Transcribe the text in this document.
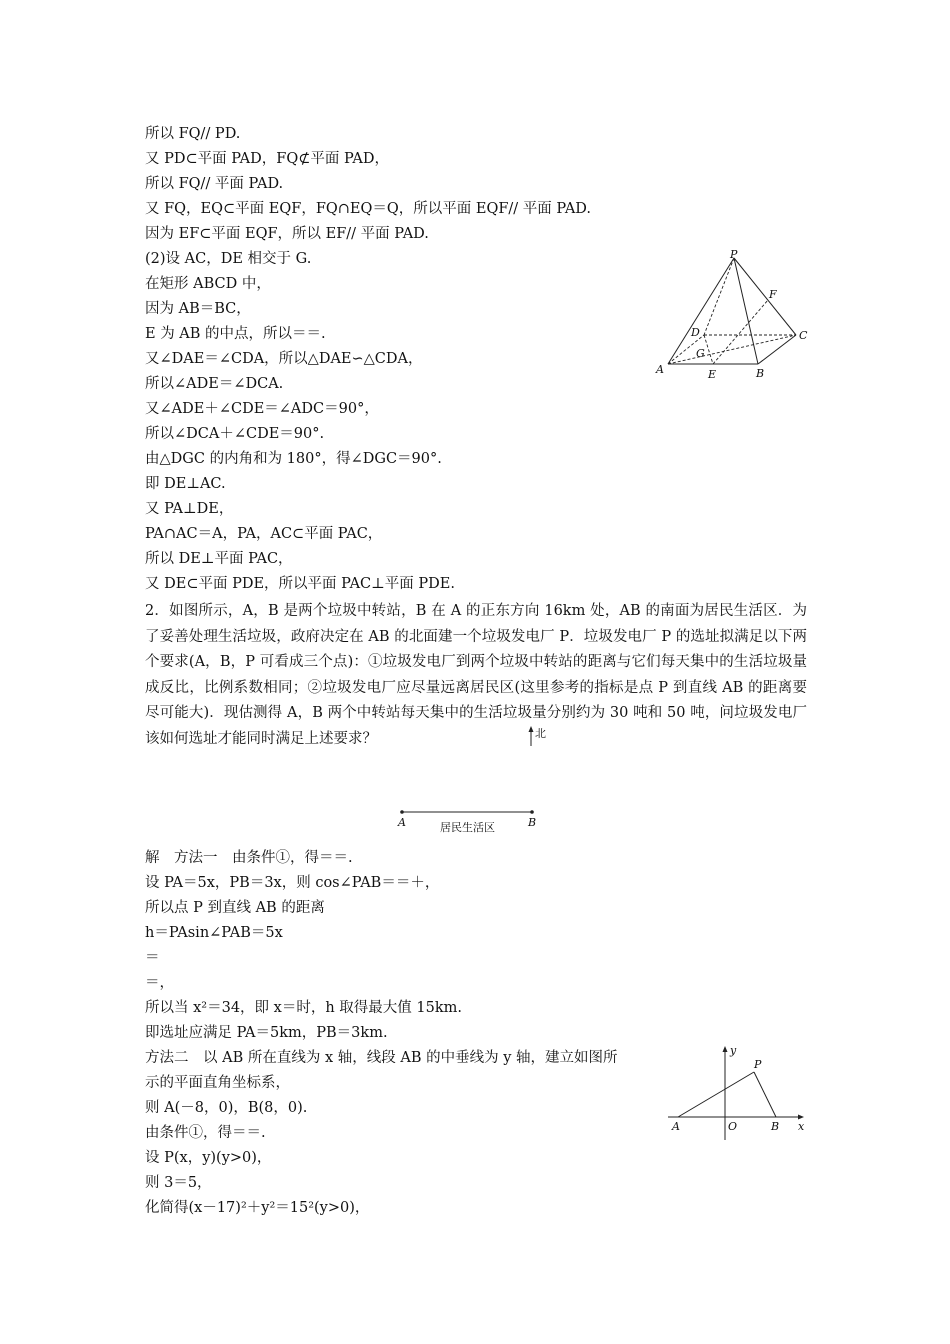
所以 FQ// PD.
又 PD⊂平面 PAD，FQ⊄平面 PAD，
所以 FQ// 平面 PAD.
又 FQ，EQ⊂平面 EQF，FQ∩EQ＝Q，所以平面 EQF// 平面 PAD.
因为 EF⊂平面 EQF，所以 EF// 平面 PAD.
(2)设 AC，DE 相交于 G.
在矩形 ABCD 中，
因为 AB＝BC，
E 为 AB 的中点，所以＝＝.
又∠DAE＝∠CDA，所以△DAE∽△CDA，
所以∠ADE＝∠DCA.
又∠ADE＋∠CDE＝∠ADC＝90°，
所以∠DCA＋∠CDE＝90°.
由△DGC 的内角和为 180°，得∠DGC＝90°.
即 DE⊥AC.
又 PA⊥DE，
PA∩AC＝A，PA，AC⊂平面 PAC，
所以 DE⊥平面 PAC，
又 DE⊂平面 PDE，所以平面 PAC⊥平面 PDE.
P
A	B
C
D
E
F
G
2．如图所示，A，B 是两个垃圾中转站，B 在 A 的正东方向 16km 处，AB 的南面为居民生活区．为了妥善处理生活垃圾，政府决定在 AB 的北面建一个垃圾发电厂 P．垃圾发电厂 P 的选址拟满足以下两个要求(A，B，P 可看成三个点)：①垃圾发电厂到两个垃圾中转站的距离与它们每天集中的生活垃圾量成反比，比例系数相同；②垃圾发电厂应尽量远离居民区(这里参考的指标是点 P 到直线 AB 的距离要尽可能大)．现估测得 A，B 两个中转站每天集中的生活垃圾量分别约为 30 吨和 50 吨，问垃圾发电厂该如何选址才能同时满足上述要求？	北
A	B
居民生活区
解　方法一　由条件①，得＝＝.
设 PA＝5x，PB＝3x，则 cos∠PAB＝＝＋，
所以点 P 到直线 AB 的距离
h＝PAsin∠PAB＝5x
＝
＝，
所以当 x²＝34，即 x＝时，h 取得最大值 15km.
即选址应满足 PA＝5km，PB＝3km.
方法二　以 AB 所在直线为 x 轴，线段 AB 的中垂线为 y 轴，建立如图所
示的平面直角坐标系，
则 A(－8，0)，B(8，0).
由条件①，得＝＝.
设 P(x，y)(y>0)，
则 3＝5，
化简得(x－17)²＋y²＝15²(y>0)，
y
x
P
A	O	B
